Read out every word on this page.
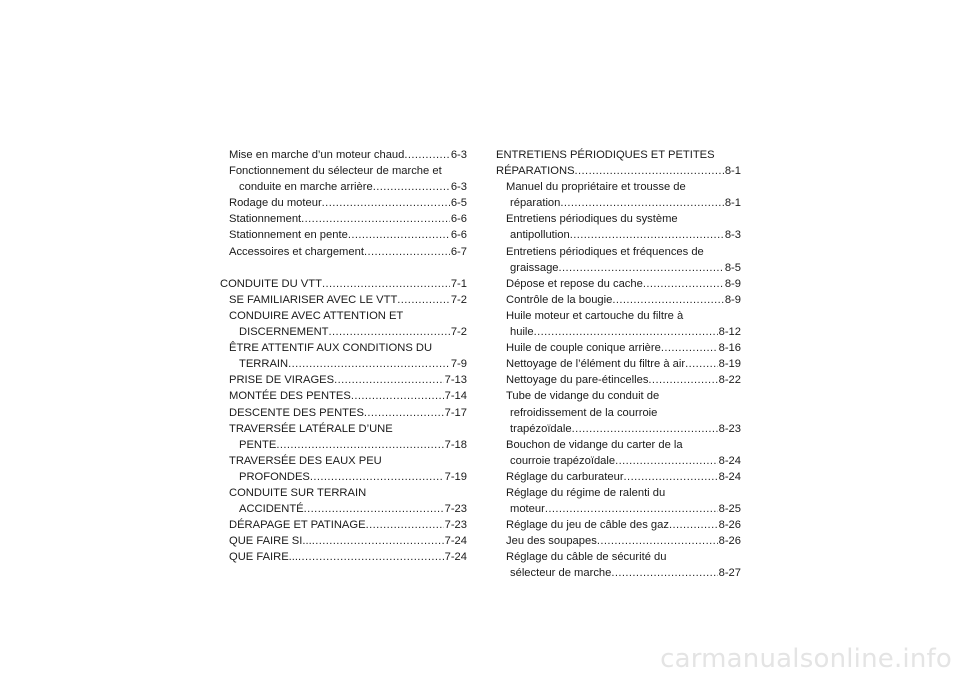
Mise en marche d’un moteur chaud .....	6-3
Fonctionnement du sélecteur de marche et
conduite en marche arrière .....	6-3
Rodage du moteur .....	6-5
Stationnement .....	6-6
Stationnement en pente .....	6-6
Accessoires et chargement .....	6-7
CONDUITE DU VTT .....	7-1
SE FAMILIARISER AVEC LE VTT .....	7-2
CONDUIRE AVEC ATTENTION ET
DISCERNEMENT .....	7-2
ÊTRE ATTENTIF AUX CONDITIONS DU
TERRAIN .....	7-9
PRISE DE VIRAGES .....	7-13
MONTÉE DES PENTES .....	7-14
DESCENTE DES PENTES .....	7-17
TRAVERSÉE LATÉRALE D’UNE
PENTE .....	7-18
TRAVERSÉE DES EAUX PEU
PROFONDES .....	7-19
CONDUITE SUR TERRAIN
ACCIDENTÉ .....	7-23
DÉRAPAGE ET PATINAGE .....	7-23
QUE FAIRE SI... .....	7-24
QUE FAIRE... .....	7-24
ENTRETIENS PÉRIODIQUES ET PETITES
RÉPARATIONS .....	8-1
Manuel du propriétaire et trousse de
réparation .....	8-1
Entretiens périodiques du système
antipollution .....	8-3
Entretiens périodiques et fréquences de
graissage .....	8-5
Dépose et repose du cache .....	8-9
Contrôle de la bougie .....	8-9
Huile moteur et cartouche du filtre à
huile .....	8-12
Huile de couple conique arrière .....	8-16
Nettoyage de l’élément du filtre à air .....	8-19
Nettoyage du pare-étincelles .....	8-22
Tube de vidange du conduit de
refroidissement de la courroie
trapézoïdale .....	8-23
Bouchon de vidange du carter de la
courroie trapézoïdale .....	8-24
Réglage du carburateur .....	8-24
Réglage du régime de ralenti du
moteur .....	8-25
Réglage du jeu de câble des gaz .....	8-26
Jeu des soupapes .....	8-26
Réglage du câble de sécurité du
sélecteur de marche .....	8-27
carmanualsonline.info
